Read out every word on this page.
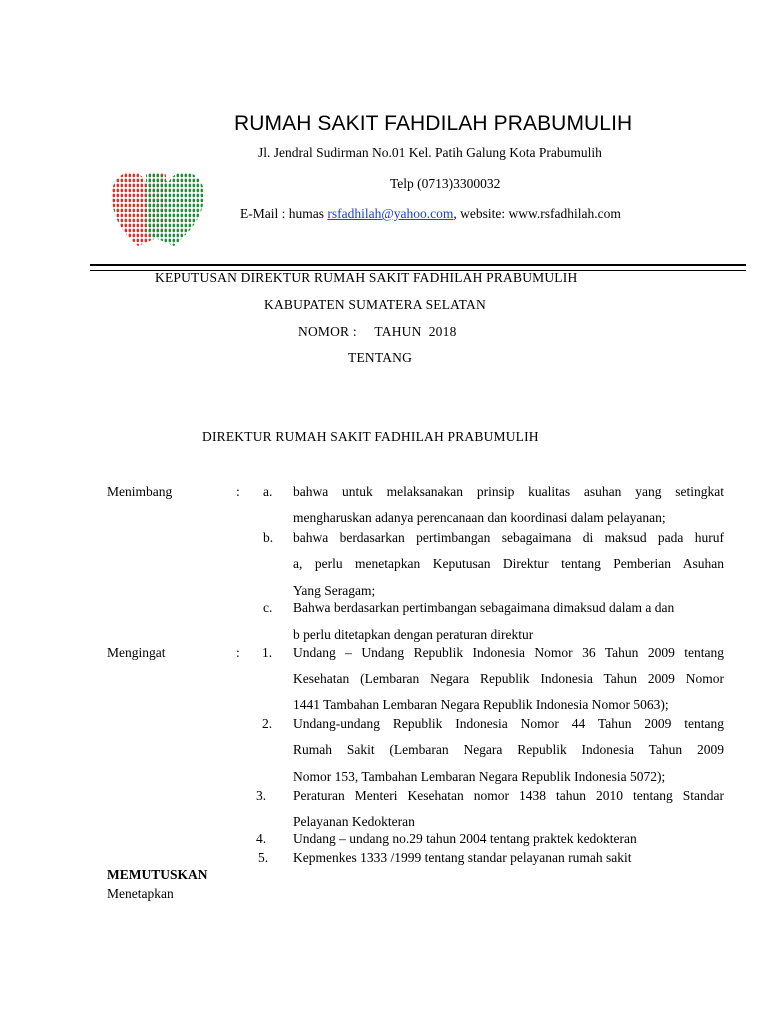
RUMAH SAKIT FAHDILAH PRABUMULIH
Jl. Jendral Sudirman No.01 Kel. Patih Galung Kota Prabumulih
Telp (0713)3300032
E-Mail : humas rsfadhilah@yahoo.com, website: www.rsfadhilah.com
KEPUTUSAN DIREKTUR RUMAH SAKIT FADHILAH PRABUMULIH
KABUPATEN SUMATERA SELATAN
NOMOR :     TAHUN  2018
TENTANG
DIREKTUR RUMAH SAKIT FADHILAH PRABUMULIH
Menimbang	: a. bahwa untuk melaksanakan prinsip kualitas asuhan yang setingkat
mengharuskan adanya perencanaan dan koordinasi dalam pelayanan;
b. bahwa berdasarkan pertimbangan sebagaimana di maksud pada huruf
a, perlu menetapkan Keputusan Direktur tentang Pemberian Asuhan
Yang Seragam;
c. Bahwa berdasarkan pertimbangan sebagaimana dimaksud dalam a dan
b perlu ditetapkan dengan peraturan direktur
Mengingat	: 1. Undang – Undang Republik Indonesia Nomor 36 Tahun 2009 tentang
Kesehatan (Lembaran Negara Republik Indonesia Tahun 2009 Nomor
1441 Tambahan Lembaran Negara Republik Indonesia Nomor 5063);
2. Undang-undang Republik Indonesia Nomor 44 Tahun 2009 tentang
Rumah Sakit (Lembaran Negara Republik Indonesia Tahun 2009
Nomor 153, Tambahan Lembaran Negara Republik Indonesia 5072);
3. Peraturan Menteri Kesehatan nomor 1438 tahun 2010 tentang Standar
Pelayanan Kedokteran
4. Undang – undang no.29 tahun 2004 tentang praktek kedokteran
5. Kepmenkes 1333 /1999 tentang standar pelayanan rumah sakit
MEMUTUSKAN
Menetapkan
